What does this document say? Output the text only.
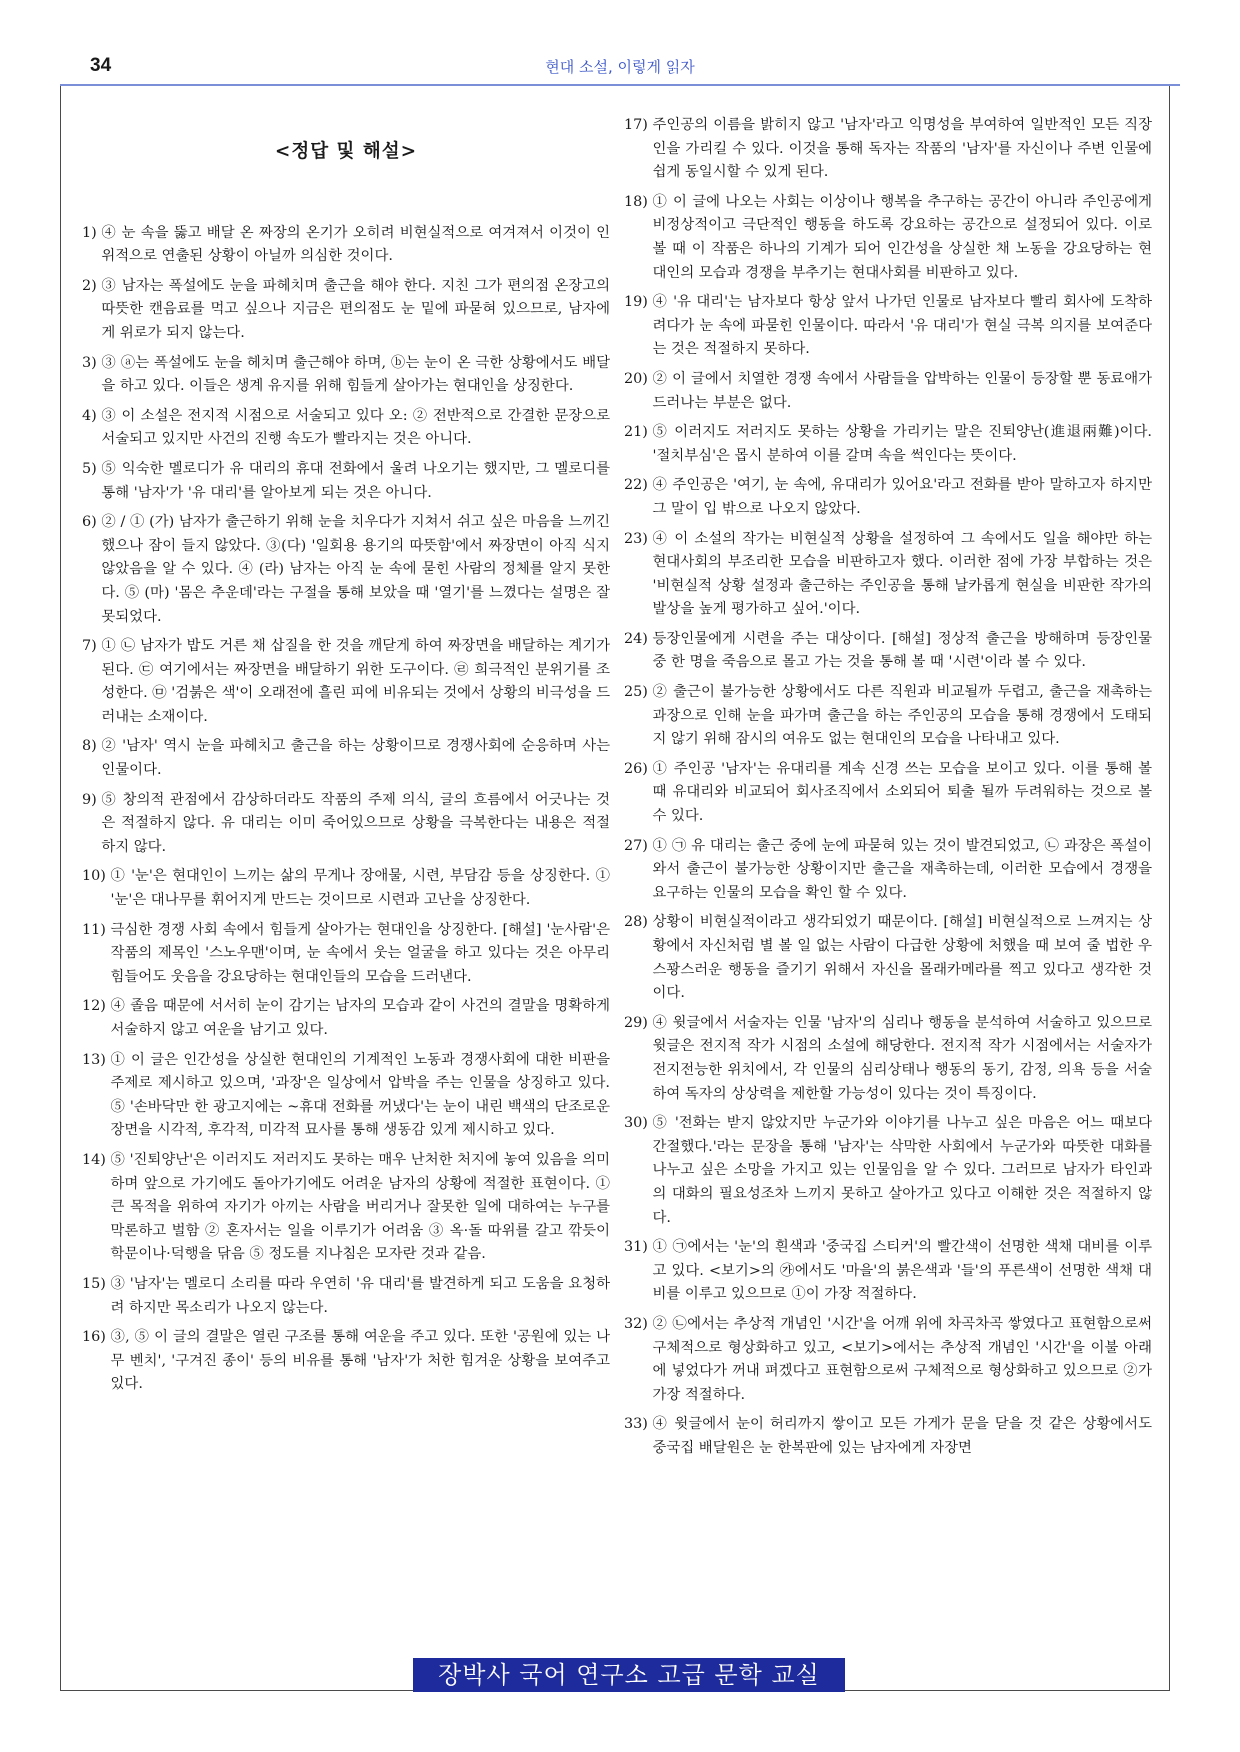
34	현대 소설, 이렇게 읽자
<정답 및 해설>
1) ④ 눈 속을 뚫고 배달 온 짜장의 온기가 오히려 비현실적으로 여겨져서 이것이 인위적으로 연출된 상황이 아닐까 의심한 것이다.
2) ③ 남자는 폭설에도 눈을 파헤치며 출근을 해야 한다. 지친 그가 편의점 온장고의 따뜻한 캔음료를 먹고 싶으나 지금은 편의점도 눈 밑에 파묻혀 있으므로, 남자에게 위로가 되지 않는다.
3) ③ ⓐ는 폭설에도 눈을 헤치며 출근해야 하며, ⓑ는 눈이 온 극한 상황에서도 배달을 하고 있다. 이들은 생계 유지를 위해 힘들게 살아가는 현대인을 상징한다.
4) ③ 이 소설은 전지적 시점으로 서술되고 있다 오: ② 전반적으로 간결한 문장으로 서술되고 있지만 사건의 진행 속도가 빨라지는 것은 아니다.
5) ⑤ 익숙한 멜로디가 유 대리의 휴대 전화에서 울려 나오기는 했지만, 그 멜로디를 통해 '남자'가 '유 대리'를 알아보게 되는 것은 아니다.
6) ② / ① (가) 남자가 출근하기 위해 눈을 치우다가 지쳐서 쉬고 싶은 마음을 느끼긴 했으나 잠이 들지 않았다. ③(다) '일회용 용기의 따뜻함'에서 짜장면이 아직 식지 않았음을 알 수 있다. ④ (라) 남자는 아직 눈 속에 묻힌 사람의 정체를 알지 못한다. ⑤ (마) '몸은 추운데'라는 구절을 통해 보았을 때 '열기'를 느꼈다는 설명은 잘못되었다.
7) ① ㉡ 남자가 밥도 거른 채 삽질을 한 것을 깨닫게 하여 짜장면을 배달하는 계기가 된다. ㉢ 여기에서는 짜장면을 배달하기 위한 도구이다. ㉣ 희극적인 분위기를 조성한다. ㉤ '검붉은 색'이 오래전에 흘린 피에 비유되는 것에서 상황의 비극성을 드러내는 소재이다.
8) ② '남자' 역시 눈을 파헤치고 출근을 하는 상황이므로 경쟁사회에 순응하며 사는 인물이다.
9) ⑤ 창의적 관점에서 감상하더라도 작품의 주제 의식, 글의 흐름에서 어긋나는 것은 적절하지 않다. 유 대리는 이미 죽어있으므로 상황을 극복한다는 내용은 적절하지 않다.
10) ① '눈'은 현대인이 느끼는 삶의 무게나 장애물, 시련, 부담감 등을 상징한다. ① '눈'은 대나무를 휘어지게 만드는 것이므로 시련과 고난을 상징한다.
11) 극심한 경쟁 사회 속에서 힘들게 살아가는 현대인을 상징한다. [해설] '눈사람'은 작품의 제목인 '스노우맨'이며, 눈 속에서 웃는 얼굴을 하고 있다는 것은 아무리 힘들어도 웃음을 강요당하는 현대인들의 모습을 드러낸다.
12) ④ 졸음 때문에 서서히 눈이 감기는 남자의 모습과 같이 사건의 결말을 명확하게 서술하지 않고 여운을 남기고 있다.
13) ① 이 글은 인간성을 상실한 현대인의 기계적인 노동과 경쟁사회에 대한 비판을 주제로 제시하고 있으며, '과장'은 일상에서 압박을 주는 인물을 상징하고 있다. ⑤ '손바닥만 한 광고지에는 ~휴대 전화를 꺼냈다'는 눈이 내린 백색의 단조로운 장면을 시각적, 후각적, 미각적 묘사를 통해 생동감 있게 제시하고 있다.
14) ⑤ '진퇴양난'은 이러지도 저러지도 못하는 매우 난처한 처지에 놓여 있음을 의미하며 앞으로 가기에도 돌아가기에도 어려운 남자의 상황에 적절한 표현이다. ① 큰 목적을 위하여 자기가 아끼는 사람을 버리거나 잘못한 일에 대하여는 누구를 막론하고 벌함 ② 혼자서는 일을 이루기가 어려움 ③ 옥·돌 따위를 갈고 깎듯이 학문이나·덕행을 닦음 ⑤ 정도를 지나침은 모자란 것과 같음.
15) ③ '남자'는 멜로디 소리를 따라 우연히 '유 대리'를 발견하게 되고 도움을 요청하려 하지만 목소리가 나오지 않는다.
16) ③, ⑤ 이 글의 결말은 열린 구조를 통해 여운을 주고 있다. 또한 '공원에 있는 나무 벤치', '구겨진 종이' 등의 비유를 통해 '남자'가 처한 힘겨운 상황을 보여주고 있다.
17) 주인공의 이름을 밝히지 않고 '남자'라고 익명성을 부여하여 일반적인 모든 직장인을 가리킬 수 있다. 이것을 통해 독자는 작품의 '남자'를 자신이나 주변 인물에 쉽게 동일시할 수 있게 된다.
18) ① 이 글에 나오는 사회는 이상이나 행복을 추구하는 공간이 아니라 주인공에게 비정상적이고 극단적인 행동을 하도록 강요하는 공간으로 설정되어 있다. 이로 볼 때 이 작품은 하나의 기계가 되어 인간성을 상실한 채 노동을 강요당하는 현대인의 모습과 경쟁을 부추기는 현대사회를 비판하고 있다.
19) ④ '유 대리'는 남자보다 항상 앞서 나가던 인물로 남자보다 빨리 회사에 도착하려다가 눈 속에 파묻힌 인물이다. 따라서 '유 대리'가 현실 극복 의지를 보여준다는 것은 적절하지 못하다.
20) ② 이 글에서 치열한 경쟁 속에서 사람들을 압박하는 인물이 등장할 뿐 동료애가 드러나는 부분은 없다.
21) ⑤ 이러지도 저러지도 못하는 상황을 가리키는 말은 진퇴양난(進退兩難)이다. '절치부심'은 몹시 분하여 이를 갈며 속을 썩인다는 뜻이다.
22) ④ 주인공은 '여기, 눈 속에, 유대리가 있어요'라고 전화를 받아 말하고자 하지만 그 말이 입 밖으로 나오지 않았다.
23) ④ 이 소설의 작가는 비현실적 상황을 설정하여 그 속에서도 일을 해야만 하는 현대사회의 부조리한 모습을 비판하고자 했다. 이러한 점에 가장 부합하는 것은 '비현실적 상황 설정과 출근하는 주인공을 통해 날카롭게 현실을 비판한 작가의 발상을 높게 평가하고 싶어.'이다.
24) 등장인물에게 시련을 주는 대상이다. [해설] 정상적 출근을 방해하며 등장인물 중 한 명을 죽음으로 몰고 가는 것을 통해 볼 때 '시련'이라 볼 수 있다.
25) ② 출근이 불가능한 상황에서도 다른 직원과 비교될까 두렵고, 출근을 재촉하는 과장으로 인해 눈을 파가며 출근을 하는 주인공의 모습을 통해 경쟁에서 도태되지 않기 위해 잠시의 여유도 없는 현대인의 모습을 나타내고 있다.
26) ① 주인공 '남자'는 유대리를 계속 신경 쓰는 모습을 보이고 있다. 이를 통해 볼 때 유대리와 비교되어 회사조직에서 소외되어 퇴출 될까 두려워하는 것으로 볼 수 있다.
27) ① ㉠ 유 대리는 출근 중에 눈에 파묻혀 있는 것이 발견되었고, ㉡ 과장은 폭설이 와서 출근이 불가능한 상황이지만 출근을 재촉하는데, 이러한 모습에서 경쟁을 요구하는 인물의 모습을 확인 할 수 있다.
28) 상황이 비현실적이라고 생각되었기 때문이다. [해설] 비현실적으로 느껴지는 상황에서 자신처럼 별 볼 일 없는 사람이 다급한 상황에 처했을 때 보여 줄 법한 우스꽝스러운 행동을 즐기기 위해서 자신을 몰래카메라를 찍고 있다고 생각한 것이다.
29) ④ 윗글에서 서술자는 인물 '남자'의 심리나 행동을 분석하여 서술하고 있으므로 윗글은 전지적 작가 시점의 소설에 해당한다. 전지적 작가 시점에서는 서술자가 전지전능한 위치에서, 각 인물의 심리상태나 행동의 동기, 감정, 의욕 등을 서술하여 독자의 상상력을 제한할 가능성이 있다는 것이 특징이다.
30) ⑤ '전화는 받지 않았지만 누군가와 이야기를 나누고 싶은 마음은 어느 때보다 간절했다.'라는 문장을 통해 '남자'는 삭막한 사회에서 누군가와 따뜻한 대화를 나누고 싶은 소망을 가지고 있는 인물임을 알 수 있다. 그러므로 남자가 타인과의 대화의 필요성조차 느끼지 못하고 살아가고 있다고 이해한 것은 적절하지 않다.
31) ① ㉠에서는 '눈'의 흰색과 '중국집 스티커'의 빨간색이 선명한 색채 대비를 이루고 있다. <보기>의 ㉮에서도 '마을'의 붉은색과 '들'의 푸른색이 선명한 색채 대비를 이루고 있으므로 ①이 가장 적절하다.
32) ② ㉡에서는 추상적 개념인 '시간'을 어깨 위에 차곡차곡 쌓였다고 표현함으로써 구체적으로 형상화하고 있고, <보기>에서는 추상적 개념인 '시간'을 이불 아래에 넣었다가 꺼내 펴겠다고 표현함으로써 구체적으로 형상화하고 있으므로 ②가 가장 적절하다.
33) ④ 윗글에서 눈이 허리까지 쌓이고 모든 가게가 문을 닫을 것 같은 상황에서도 중국집 배달원은 눈 한복판에 있는 남자에게 자장면
장박사 국어 연구소 고급 문학 교실
